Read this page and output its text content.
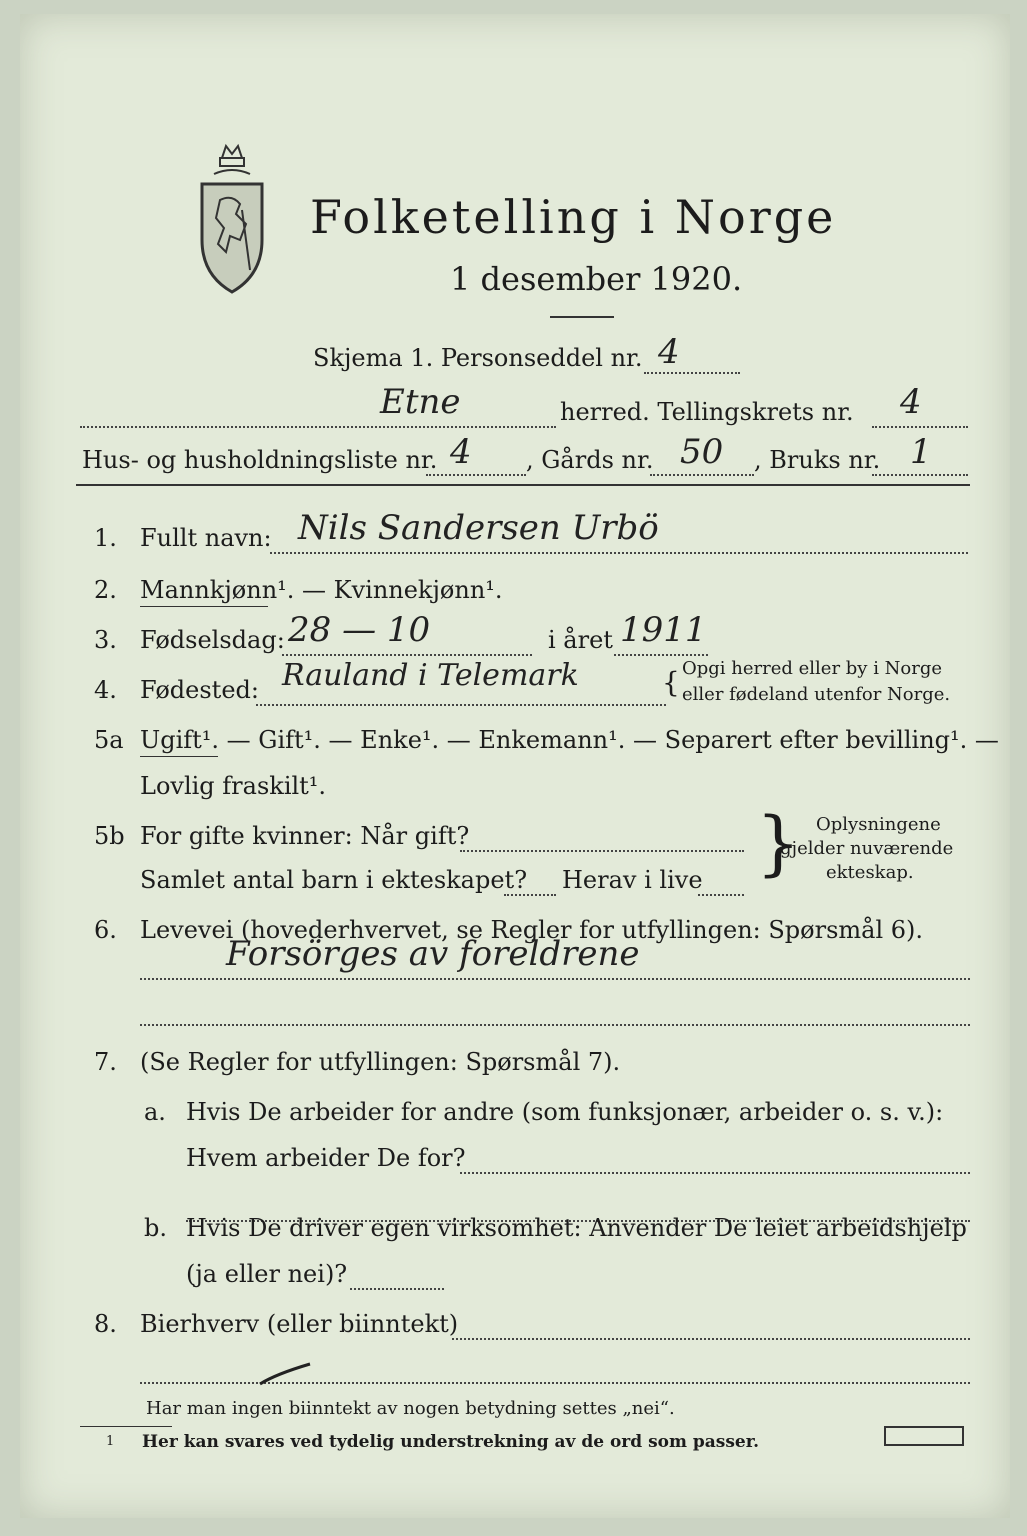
Folketelling i Norge
1 desember 1920.
Skjema 1. Personseddel nr. 4
Etne	herred. Tellingskrets nr. 4
Hus- og husholdningsliste nr. 4 , Gårds nr. 50 , Bruks nr. 1
1. Fullt navn: Nils Sandersen Urbö
2. Mannkjønn¹. — Kvinnekjønn¹.
3. Fødselsdag: 28 — 10	i året 1911
4. Fødested: Rauland i Telemark	{ Opgi herred eller by i Norge
eller fødeland utenfor Norge.
5a Ugift¹. — Gift¹. — Enke¹. — Enkemann¹. — Separert efter bevilling¹. —
Lovlig fraskilt¹.
5b For gifte kvinner: Når gift?
Samlet antal barn i ekteskapet? Herav i live } Oplysningene
gjelder nuværende
ekteskap.
6. Levevei (hovederhvervet, se Regler for utfyllingen: Spørsmål 6).
Forsörges av foreldrene
7. (Se Regler for utfyllingen: Spørsmål 7).
a. Hvis De arbeider for andre (som funksjonær, arbeider o. s. v.):
Hvem arbeider De for?
b. Hvis De driver egen virksomhet: Anvender De leiet arbeidshjelp
(ja eller nei)?
8. Bierhverv (eller biinntekt)
Har man ingen biinntekt av nogen betydning settes „nei“.
1 Her kan svares ved tydelig understrekning av de ord som passer.
